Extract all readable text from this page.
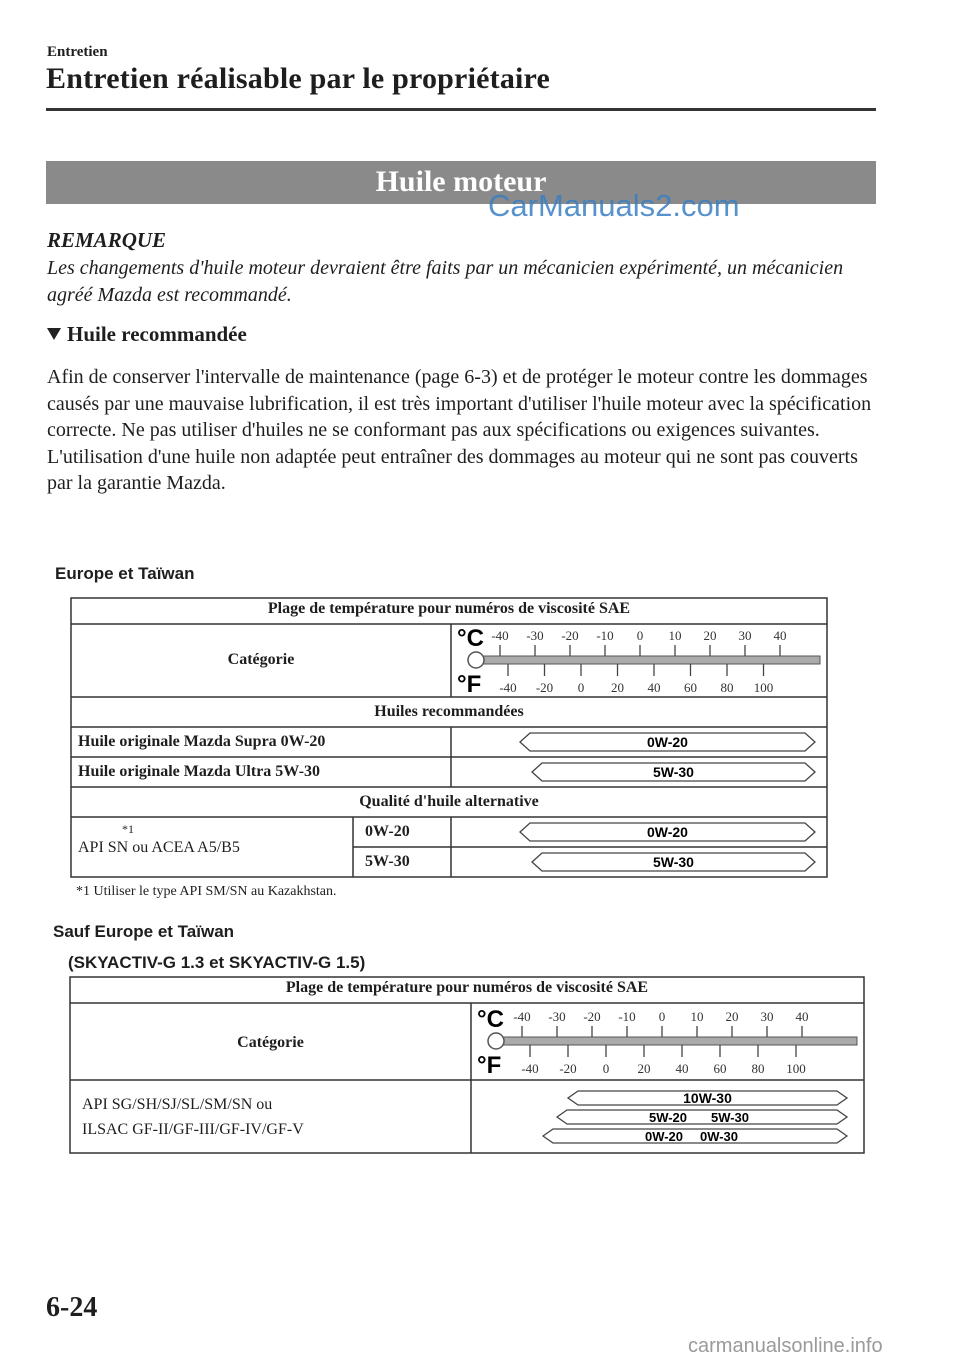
Entretien
Entretien réalisable par le propriétaire
Huile moteur
CarManuals2.com
REMARQUE
Les changements d'huile moteur devraient être faits par un mécanicien expérimenté, un mécanicien agréé Mazda est recommandé.
Huile recommandée
Afin de conserver l'intervalle de maintenance (page 6-3) et de protéger le moteur contre les dommages causés par une mauvaise lubrification, il est très important d'utiliser l'huile moteur avec la spécification correcte. Ne pas utiliser d'huiles ne se conformant pas aux spécifications ou exigences suivantes. L'utilisation d'une huile non adaptée peut entraîner des dommages au moteur qui ne sont pas couverts par la garantie Mazda.
Europe et Taïwan
°C
°F
-40 -30 -20 -10 0 10 20 30 40
-40 -20 0 20 40 60 80 100
0W-20
5W-30
0W-20
5W-30
°C
°F
-40 -30 -20 -10 0 10 20 30 40
-40 -20 0 20 40 60 80 100
10W-30
5W-20 5W-30
0W-20 0W-30
Plage de température pour numéros de viscosité SAE
Catégorie
Huiles recommandées
Huile originale Mazda Supra 0W-20
Huile originale Mazda Ultra 5W-30
Qualité d'huile alternative
*1
API SN ou ACEA A5/B5
0W-20
5W-30
*1 Utiliser le type API SM/SN au Kazakhstan.
Sauf Europe et Taïwan
(SKYACTIV-G 1.3 et SKYACTIV-G 1.5)
Plage de température pour numéros de viscosité SAE
Catégorie
API SG/SH/SJ/SL/SM/SN ou
ILSAC GF-II/GF-III/GF-IV/GF-V
6-24
carmanualsonline.info
